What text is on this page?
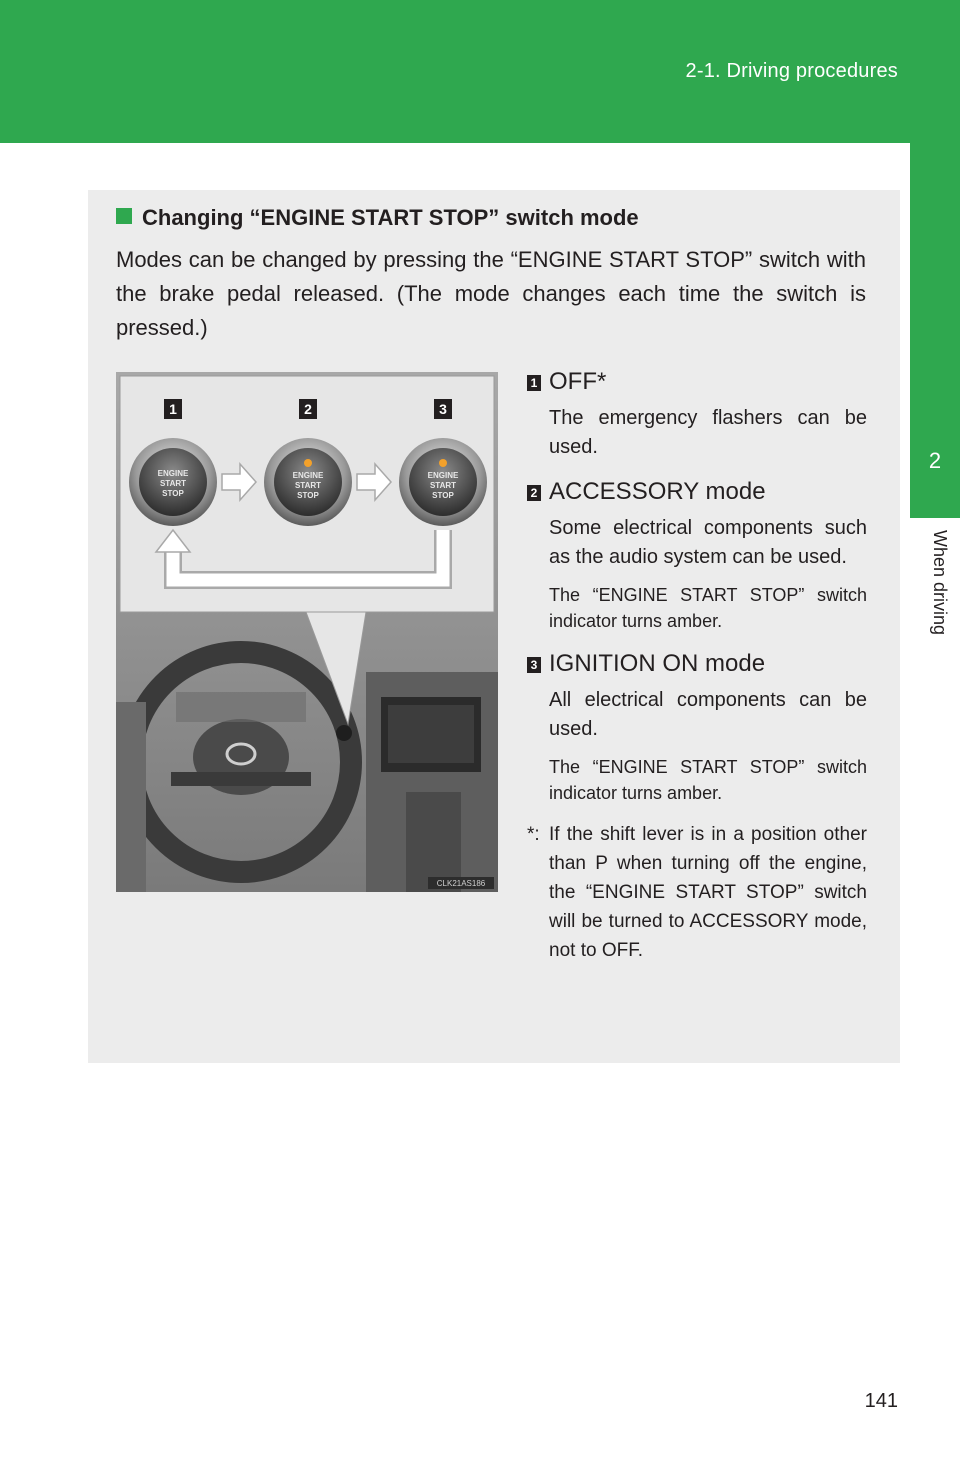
2-1. Driving procedures
2
When driving
Changing “ENGINE START STOP” switch mode
Modes can be changed by pressing the “ENGINE START STOP” switch with the brake pedal released. (The mode changes each time the switch is pressed.)
1	2	3
ENGINE
START
STOP
ENGINE
START
STOP
ENGINE
START
STOP
CLK21AS186
1 OFF*
The emergency flashers can be used.
2 ACCESSORY mode
Some electrical components such as the audio system can be used.
The “ENGINE START STOP” switch indicator turns amber.
3 IGNITION ON mode
All electrical components can be used.
The “ENGINE START STOP” switch indicator turns amber.
*: If the shift lever is in a position other than P when turning off the engine, the “ENGINE START STOP” switch will be turned to ACCESSORY mode, not to OFF.
141
